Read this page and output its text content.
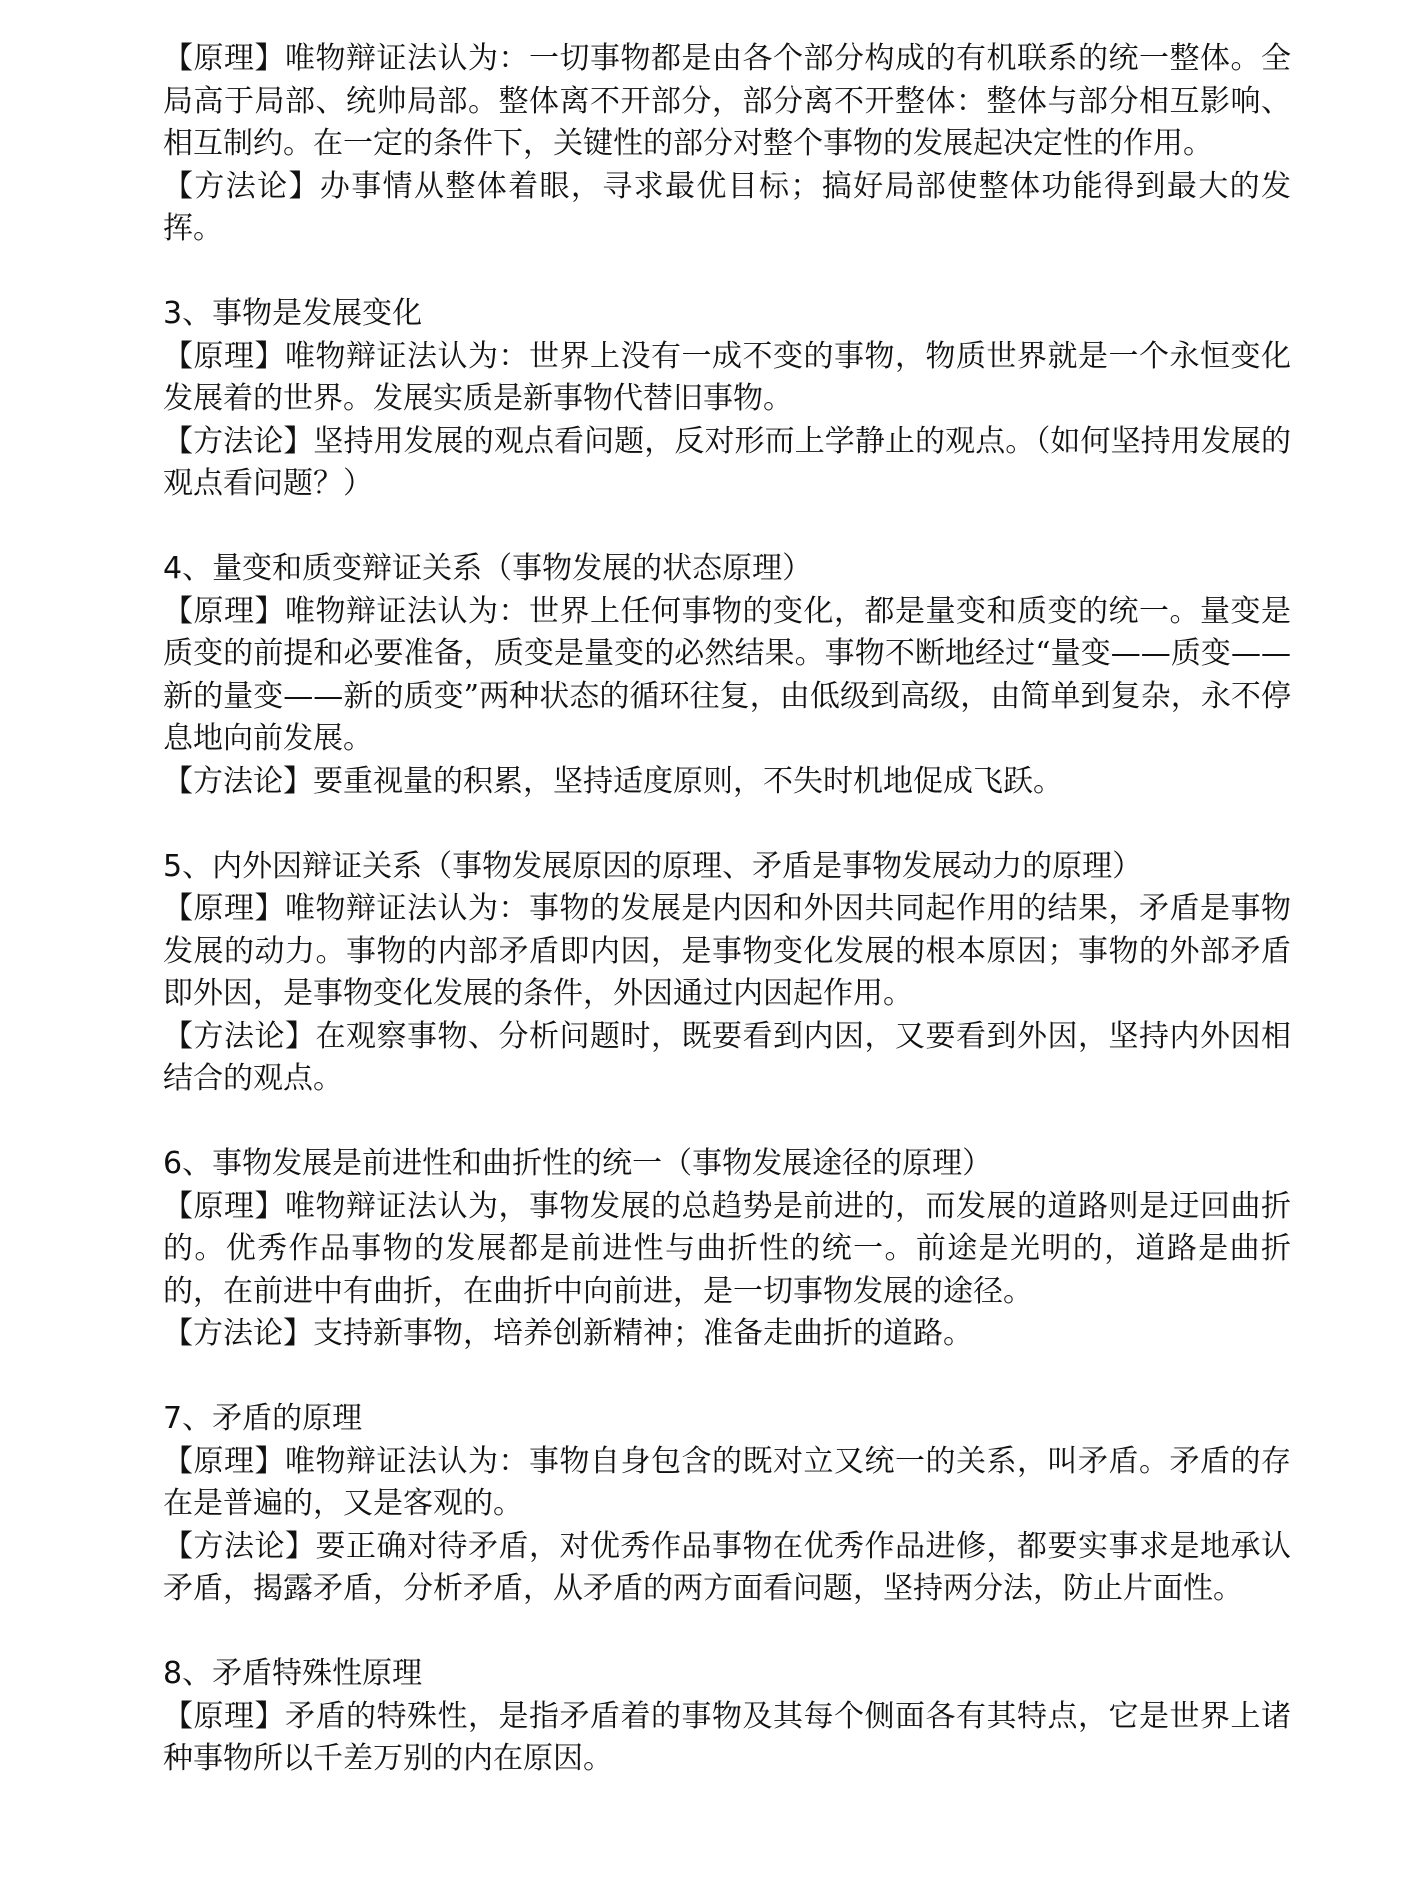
【原理】唯物辩证法认为：一切事物都是由各个部分构成的有机联系的统一整体。全局高于局部、统帅局部。整体离不开部分，部分离不开整体：整体与部分相互影响、相互制约。在一定的条件下，关键性的部分对整个事物的发展起决定性的作用。

【方法论】办事情从整体着眼，寻求最优目标；搞好局部使整体功能得到最大的发挥。

3、事物是发展变化

【原理】唯物辩证法认为：世界上没有一成不变的事物，物质世界就是一个永恒变化发展着的世界。发展实质是新事物代替旧事物。

【方法论】坚持用发展的观点看问题，反对形而上学静止的观点。（如何坚持用发展的观点看问题？）

4、量变和质变辩证关系（事物发展的状态原理）

【原理】唯物辩证法认为：世界上任何事物的变化，都是量变和质变的统一。量变是质变的前提和必要准备，质变是量变的必然结果。事物不断地经过“量变——质变——新的量变——新的质变”两种状态的循环往复，由低级到高级，由简单到复杂，永不停息地向前发展。

【方法论】要重视量的积累，坚持适度原则，不失时机地促成飞跃。

5、内外因辩证关系（事物发展原因的原理、矛盾是事物发展动力的原理）

【原理】唯物辩证法认为：事物的发展是内因和外因共同起作用的结果，矛盾是事物发展的动力。事物的内部矛盾即内因，是事物变化发展的根本原因；事物的外部矛盾即外因，是事物变化发展的条件，外因通过内因起作用。

【方法论】在观察事物、分析问题时，既要看到内因，又要看到外因，坚持内外因相结合的观点。

6、事物发展是前进性和曲折性的统一（事物发展途径的原理）

【原理】唯物辩证法认为，事物发展的总趋势是前进的，而发展的道路则是迂回曲折的。优秀作品事物的发展都是前进性与曲折性的统一。前途是光明的，道路是曲折的，在前进中有曲折，在曲折中向前进，是一切事物发展的途径。

【方法论】支持新事物，培养创新精神；准备走曲折的道路。

7、矛盾的原理

【原理】唯物辩证法认为：事物自身包含的既对立又统一的关系，叫矛盾。矛盾的存在是普遍的，又是客观的。

【方法论】要正确对待矛盾，对优秀作品事物在优秀作品进修，都要实事求是地承认矛盾，揭露矛盾，分析矛盾，从矛盾的两方面看问题，坚持两分法，防止片面性。

8、矛盾特殊性原理

【原理】矛盾的特殊性，是指矛盾着的事物及其每个侧面各有其特点，它是世界上诸种事物所以千差万别的内在原因。
